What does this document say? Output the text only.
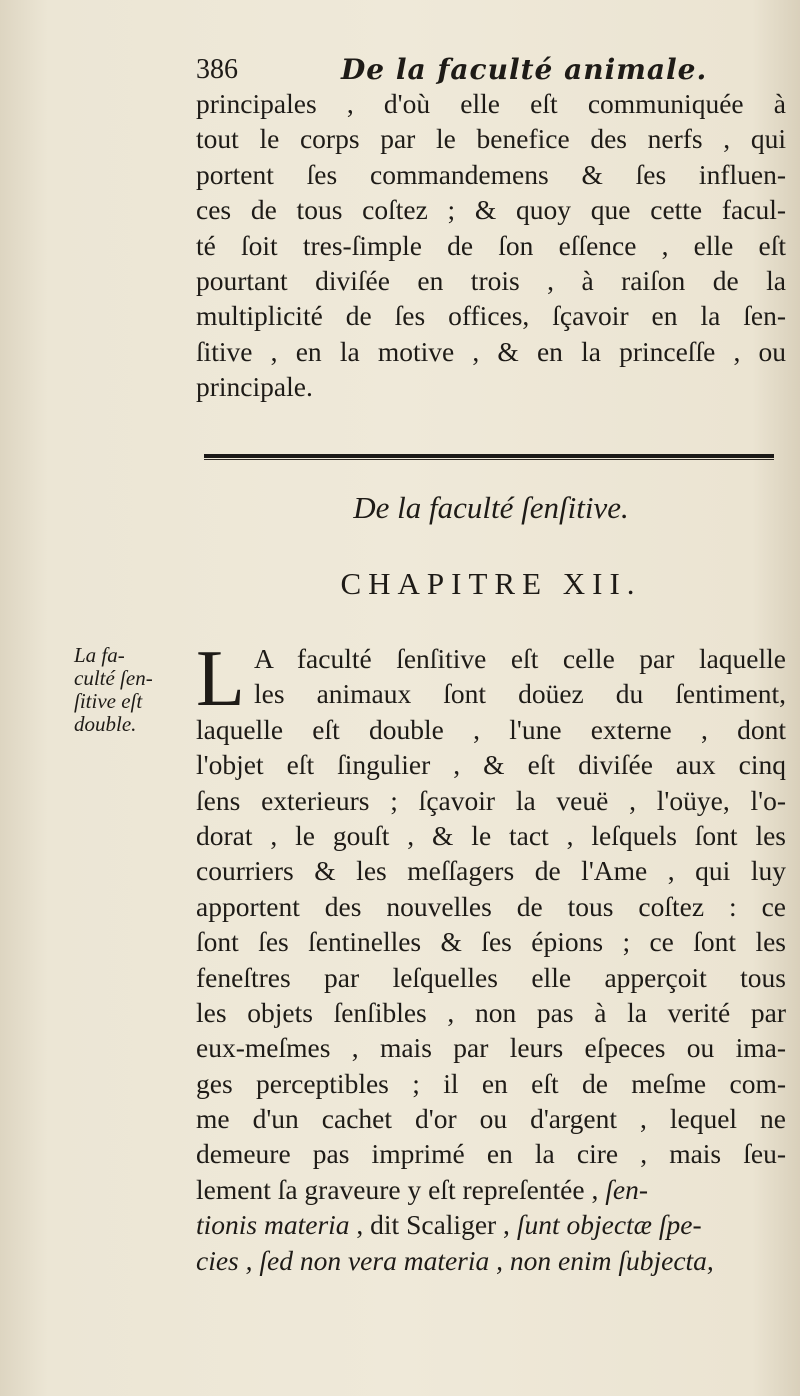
386	De la faculté animale.
principales , d'où elle eſt communiquée à
tout le corps par le benefice des nerfs , qui
portent ſes commandemens & ſes influen-
ces de tous coſtez ; & quoy que cette facul-
té ſoit tres-ſimple de ſon eſſence , elle eſt
pourtant diviſée en trois , à raiſon de la
multiplicité de ſes offices, ſçavoir en la ſen-
ſitive , en la motive , & en la princeſſe , ou
principale.
De la faculté ſenſitive.
CHAPITRE XII.
La fa-
culté ſen-
ſitive eſt
double.
L A faculté ſenſitive eſt celle par laquelle
les animaux ſont doüez du ſentiment,
laquelle eſt double , l'une externe , dont
l'objet eſt ſingulier , & eſt diviſée aux cinq
ſens exterieurs ; ſçavoir la veuë , l'oüye, l'o-
dorat , le gouſt , & le tact , leſquels ſont les
courriers & les meſſagers de l'Ame , qui luy
apportent des nouvelles de tous coſtez : ce
ſont ſes ſentinelles & ſes épions ; ce ſont les
feneſtres par leſquelles elle apperçoit tous
les objets ſenſibles , non pas à la verité par
eux-meſmes , mais par leurs eſpeces ou ima-
ges perceptibles ; il en eſt de meſme com-
me d'un cachet d'or ou d'argent , lequel ne
demeure pas imprimé en la cire , mais ſeu-
lement ſa graveure y eſt repreſentée , ſen-
tionis materia , dit Scaliger , ſunt objectæ ſpe-
cies , ſed non vera materia , non enim ſubjecta,
